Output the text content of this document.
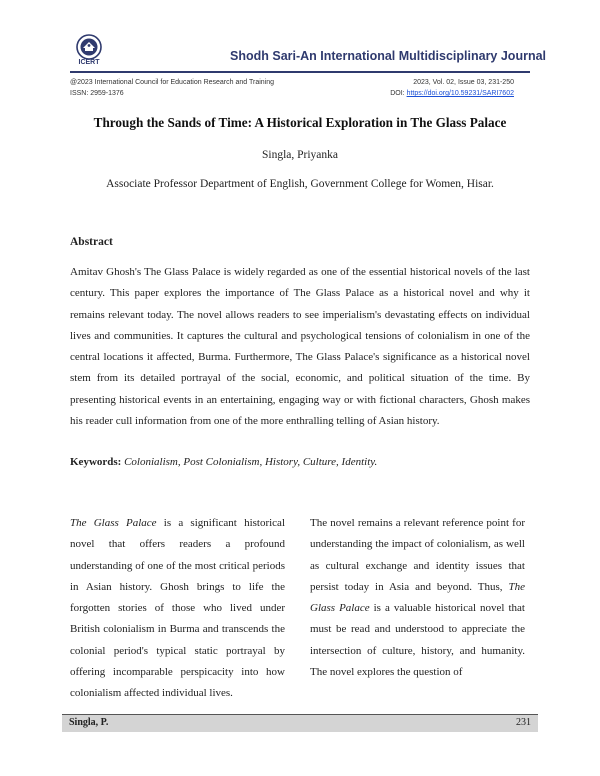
ICERT	Shodh Sari-An International Multidisciplinary Journal
@2023 International Council for Education Research and Training
ISSN: 2959-1376
2023, Vol. 02, Issue 03, 231-250
DOI: https://doi.org/10.59231/SARI7602
Through the Sands of Time: A Historical Exploration in The Glass Palace
Singla, Priyanka
Associate Professor Department of English, Government College for Women, Hisar.
Abstract

Amitav Ghosh's The Glass Palace is widely regarded as one of the essential historical novels of the last century. This paper explores the importance of The Glass Palace as a historical novel and why it remains relevant today. The novel allows readers to see imperialism's devastating effects on individual lives and communities. It captures the cultural and psychological tensions of colonialism in one of the central locations it affected, Burma. Furthermore, The Glass Palace's significance as a historical novel stem from its detailed portrayal of the social, economic, and political situation of the time. By presenting historical events in an entertaining, engaging way or with fictional characters, Ghosh makes his reader cull information from one of the more enthralling telling of Asian history.

Keywords: Colonialism, Post Colonialism, History, Culture, Identity.

The Glass Palace is a significant historical novel that offers readers a profound understanding of one of the most critical periods in Asian history. Ghosh brings to life the forgotten stories of those who lived under British colonialism in Burma and transcends the colonial period's typical static portrayal by offering incomparable perspicacity into how colonialism affected individual lives.

The novel remains a relevant reference point for understanding the impact of colonialism, as well as cultural exchange and identity issues that persist today in Asia and beyond. Thus, The Glass Palace is a valuable historical novel that must be read and understood to appreciate the intersection of culture, history, and humanity. The novel explores the question of

Singla, P.	231
